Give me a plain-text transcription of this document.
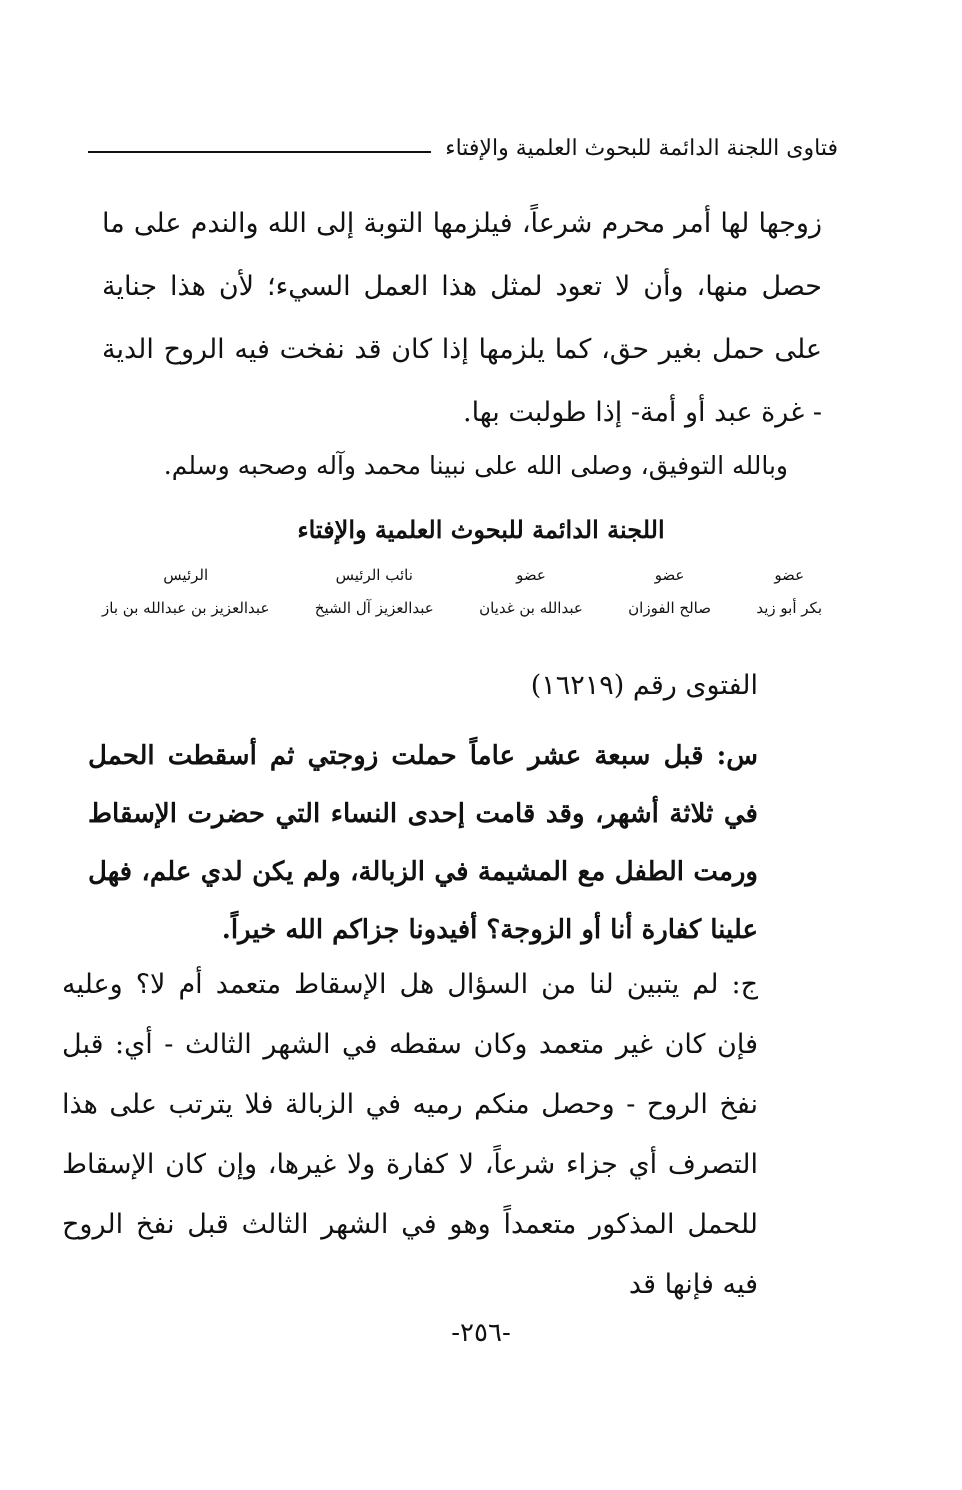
فتاوى اللجنة الدائمة للبحوث العلمية والإفتاء
زوجها لها أمر محرم شرعاً، فيلزمها التوبة إلى الله والندم على ما حصل منها، وأن لا تعود لمثل هذا العمل السيء؛ لأن هذا جناية على حمل بغير حق، كما يلزمها إذا كان قد نفخت فيه الروح الدية - غرة عبد أو أمة- إذا طولبت بها.
وبالله التوفيق، وصلى الله على نبينا محمد وآله وصحبه وسلم.
اللجنة الدائمة للبحوث العلمية والإفتاء
عضو
بكر أبو زيد
عضو
صالح الفوزان
عضو
عبدالله بن غديان
نائب الرئيس
عبدالعزيز آل الشيخ
الرئيس
عبدالعزيز بن عبدالله بن باز
الفتوى رقم (١٦٢١٩)
س: قبل سبعة عشر عاماً حملت زوجتي ثم أسقطت الحمل في ثلاثة أشهر، وقد قامت إحدى النساء التي حضرت الإسقاط ورمت الطفل مع المشيمة في الزبالة، ولم يكن لدي علم، فهل علينا كفارة أنا أو الزوجة؟ أفيدونا جزاكم الله خيراً.
ج: لم يتبين لنا من السؤال هل الإسقاط متعمد أم لا؟ وعليه فإن كان غير متعمد وكان سقطه في الشهر الثالث - أي: قبل نفخ الروح - وحصل منكم رميه في الزبالة فلا يترتب على هذا التصرف أي جزاء شرعاً، لا كفارة ولا غيرها، وإن كان الإسقاط للحمل المذكور متعمداً وهو في الشهر الثالث قبل نفخ الروح فيه فإنها قد
-٢٥٦-
